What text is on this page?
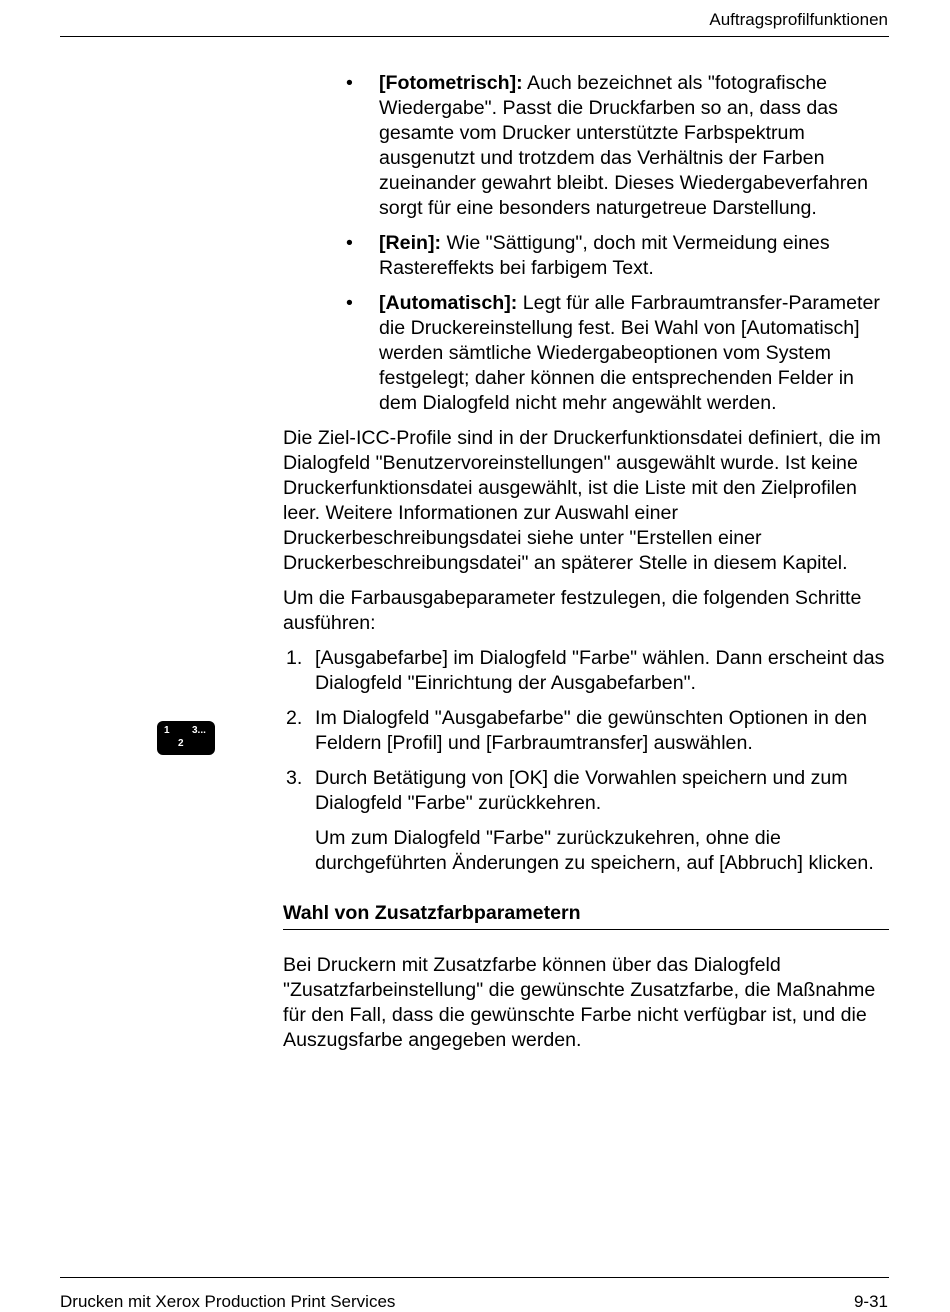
Auftragsprofilfunktionen
1
2
3...
• [Fotometrisch]: Auch bezeichnet als "fotografische Wiedergabe". Passt die Druckfarben so an, dass das gesamte vom Drucker unterstützte Farbspektrum ausgenutzt und trotzdem das Verhältnis der Farben zueinander gewahrt bleibt. Dieses Wiedergabeverfahren sorgt für eine besonders naturgetreue Darstellung.
• [Rein]: Wie "Sättigung", doch mit Vermeidung eines Rastereffekts bei farbigem Text.
• [Automatisch]: Legt für alle Farbraumtransfer-Parameter die Druckereinstellung fest. Bei Wahl von [Automatisch] werden sämtliche Wiedergabeoptionen vom System festgelegt; daher können die entsprechenden Felder in dem Dialogfeld nicht mehr angewählt werden.

Die Ziel-ICC-Profile sind in der Druckerfunktionsdatei definiert, die im Dialogfeld "Benutzervoreinstellungen" ausgewählt wurde. Ist keine Druckerfunktionsdatei ausgewählt, ist die Liste mit den Zielprofilen leer. Weitere Informationen zur Auswahl einer Druckerbeschreibungsdatei siehe unter "Erstellen einer Druckerbeschreibungsdatei" an späterer Stelle in diesem Kapitel.

Um die Farbausgabeparameter festzulegen, die folgenden Schritte ausführen:

1. [Ausgabefarbe] im Dialogfeld "Farbe" wählen. Dann erscheint das Dialogfeld "Einrichtung der Ausgabefarben".
2. Im Dialogfeld "Ausgabefarbe" die gewünschten Optionen in den Feldern [Profil] und [Farbraumtransfer] auswählen.
3. Durch Betätigung von [OK] die Vorwahlen speichern und zum Dialogfeld "Farbe" zurückkehren.
Um zum Dialogfeld "Farbe" zurückzukehren, ohne die durchgeführten Änderungen zu speichern, auf [Abbruch] klicken.
Wahl von Zusatzfarbparametern

Bei Druckern mit Zusatzfarbe können über das Dialogfeld "Zusatzfarbeinstellung" die gewünschte Zusatzfarbe, die Maßnahme für den Fall, dass die gewünschte Farbe nicht verfügbar ist, und die Auszugsfarbe angegeben werden.

Drucken mit Xerox Production Print Services	9-31
